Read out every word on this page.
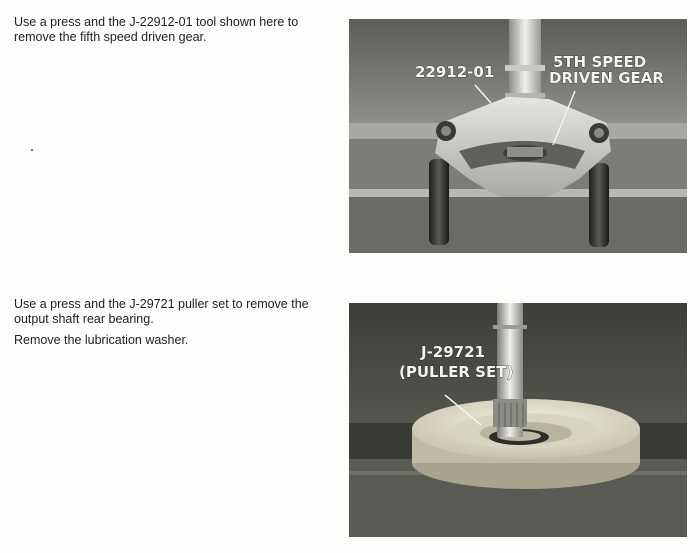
Use a press and the J-22912-01 tool shown here to remove the fifth speed driven gear.

22912-01
5TH SPEED
DRIVEN GEAR

Use a press and the J-29721 puller set to remove the output shaft rear bearing.

Remove the lubrication washer.

J-29721
(PULLER SET)
